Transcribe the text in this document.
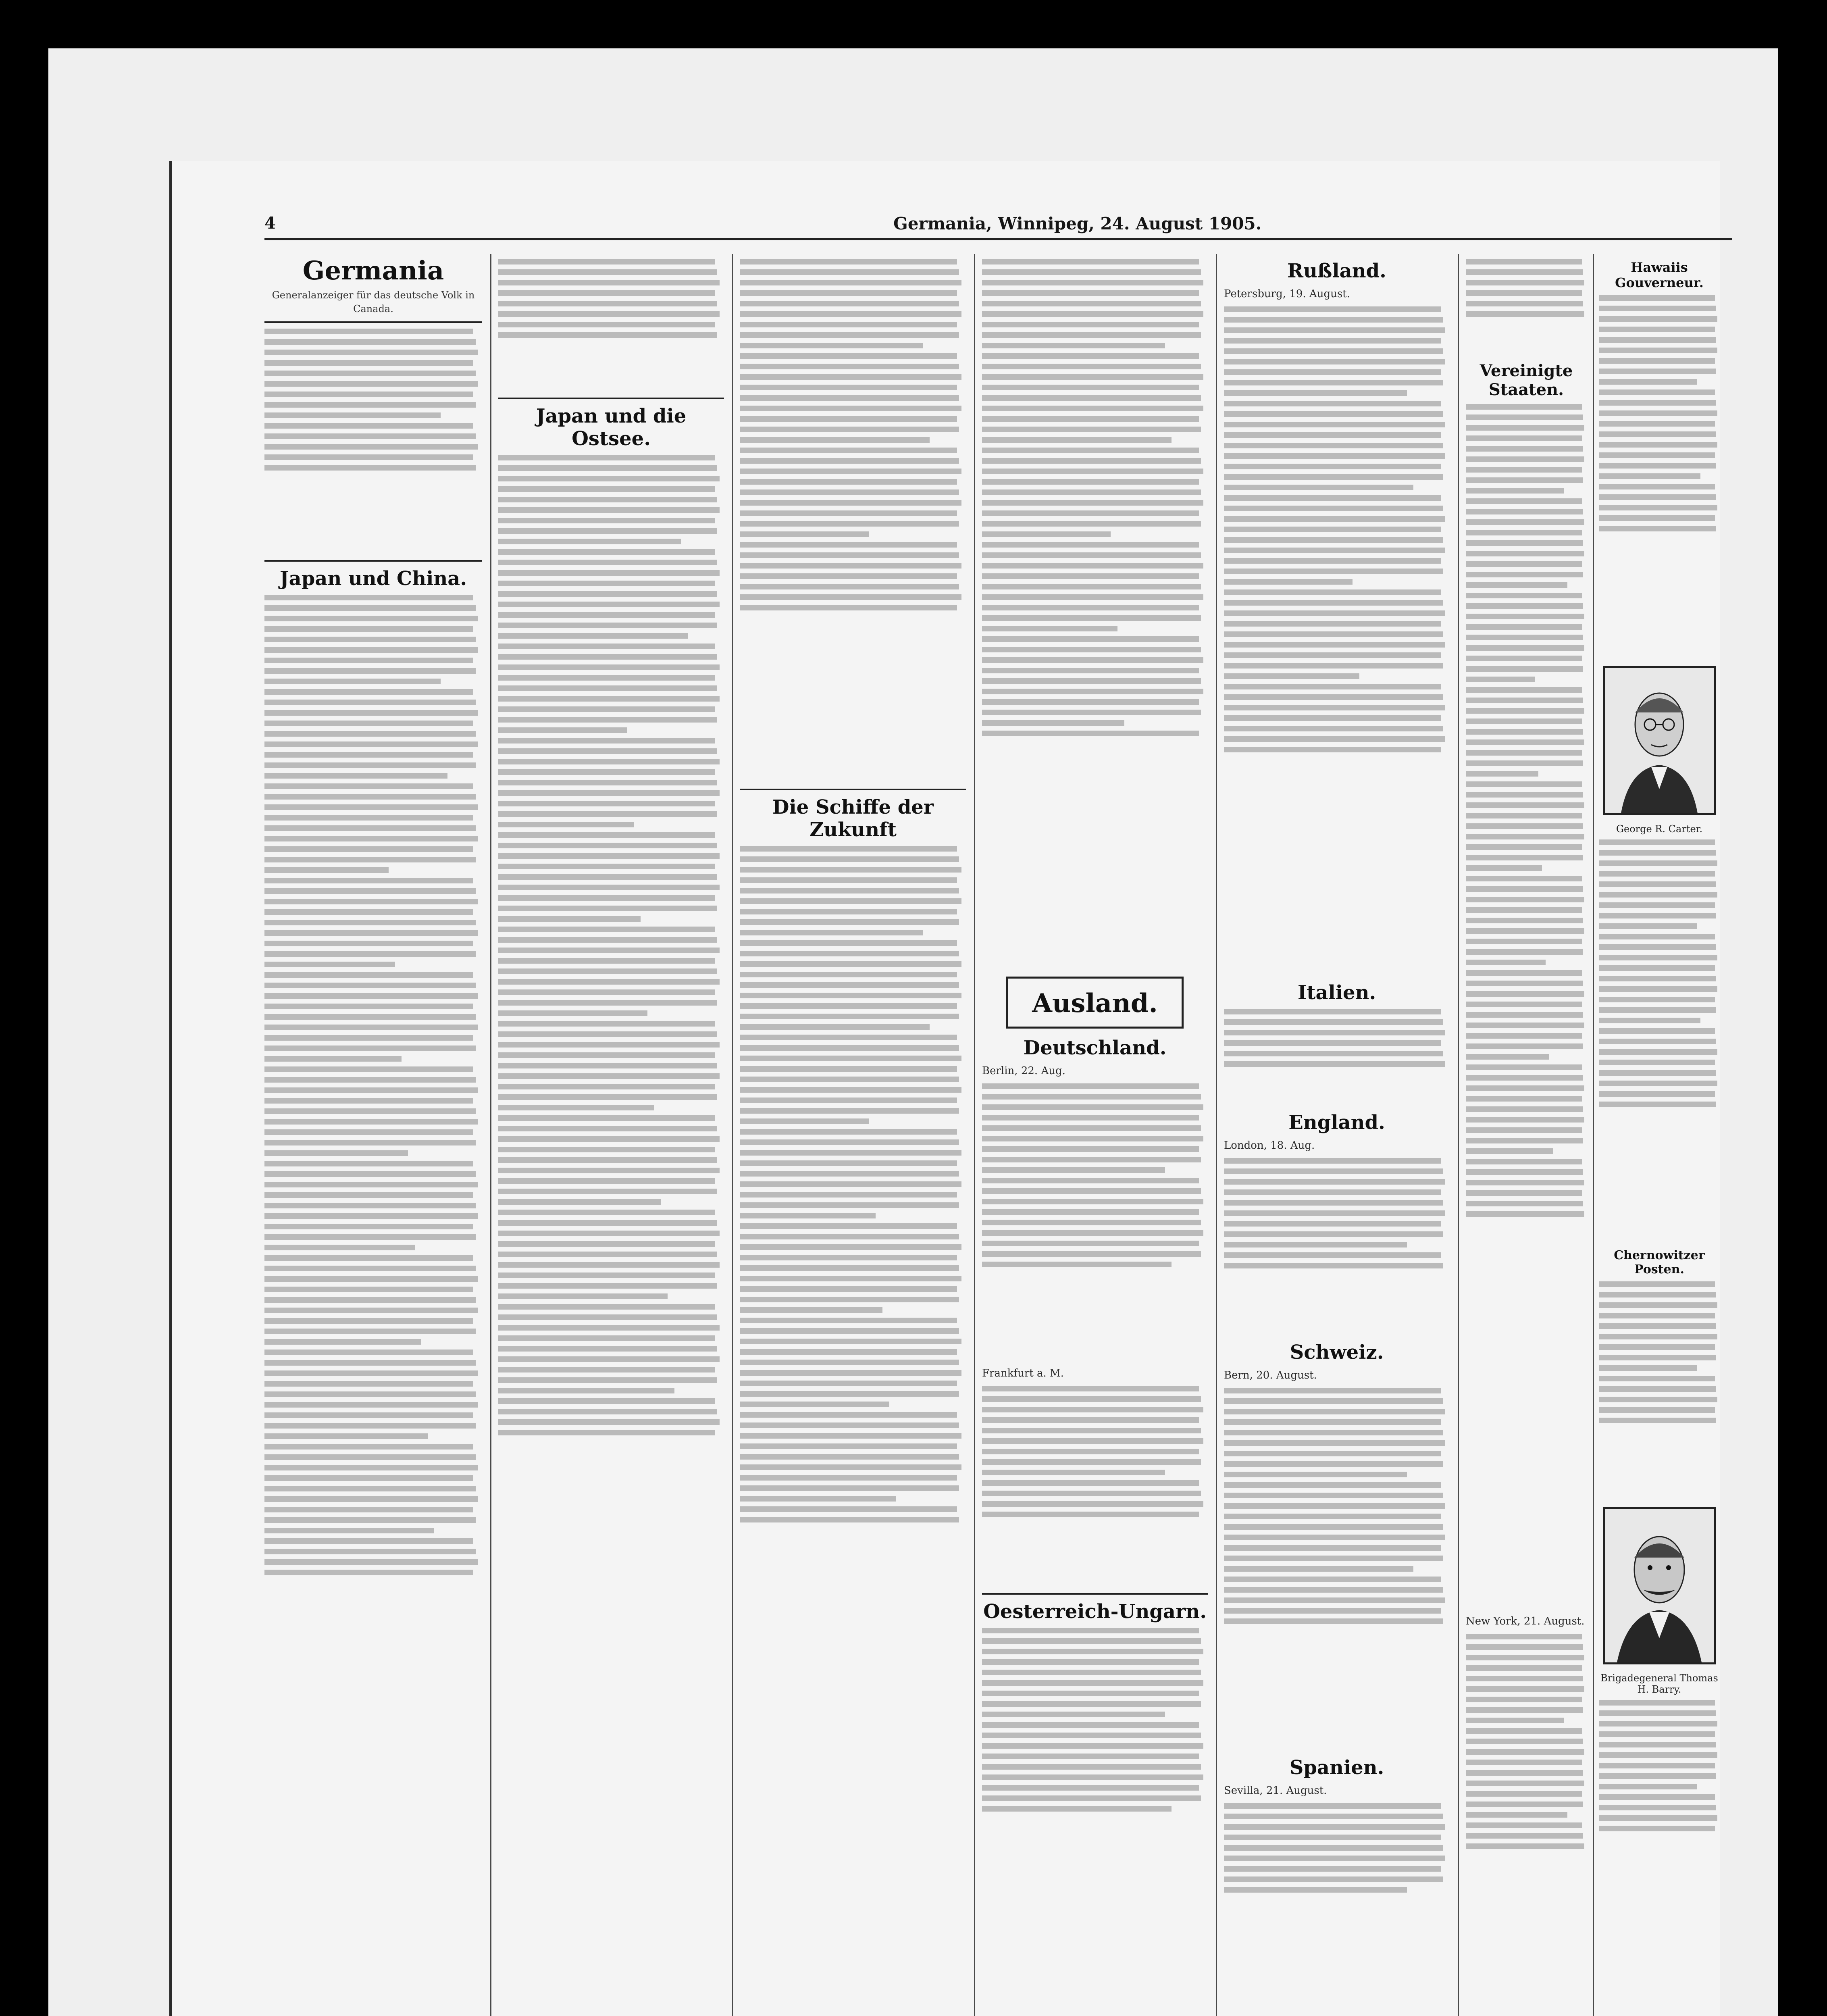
4	Germania, Winnipeg, 24. August 1905.
Germania
Generalanzeiger für das deutsche Volk in Canada.
Japan und China.
Japan und die Ostsee.
Die Schiffe der Zukunft
Ausland.
Deutschland.
Berlin, 22. Aug.
Frankfurt a. M.
Oesterreich-Ungarn.
Rußland.
Petersburg, 19. August.
Italien.
England.
London, 18. Aug.
Schweiz.
Bern, 20. August.
Spanien.
Sevilla, 21. August.
Vereinigte Staaten.
New York, 21. August.
Hawaiis Gouverneur.
George R. Carter.
Chernowitzer Posten.
Brigadegeneral Thomas H. Barry.
